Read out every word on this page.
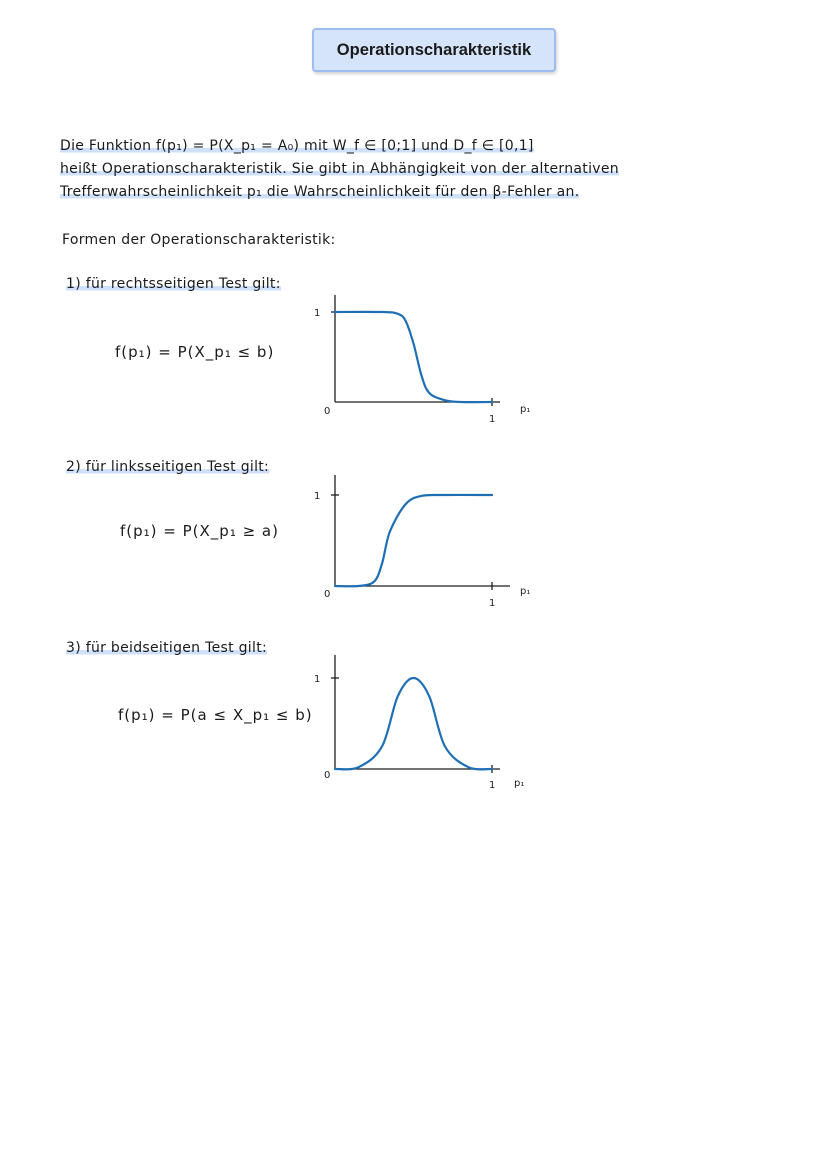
Operationscharakteristik
Die Funktion f(p₁) = P(X_p₁ = A₀) mit W_f ∈ [0;1] und D_f ∈ [0,1]
heißt Operationscharakteristik. Sie gibt in Abhängigkeit von der alternativen
Trefferwahrscheinlichkeit p₁ die Wahrscheinlichkeit für den β-Fehler an.
Formen der Operationscharakteristik:
1) für rechtsseitigen Test gilt:
f(p₁) = P(X_p₁ ≤ b)
2) für linksseitigen Test gilt:
f(p₁) = P(X_p₁ ≥ a)
3) für beidseitigen Test gilt:
f(p₁) = P(a ≤ X_p₁ ≤ b)
1
0
1
p₁
1
0
1
p₁
1
0
1 p₁
